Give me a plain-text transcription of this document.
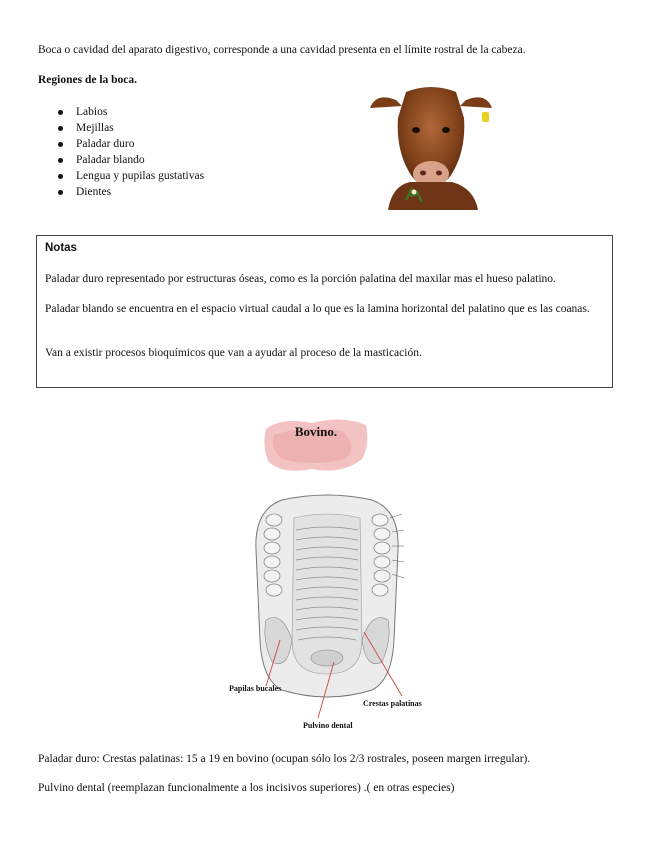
Boca o cavidad del aparato digestivo, corresponde a una cavidad presenta en el límite rostral de la cabeza.
Regiones de la boca.
Labios
Mejillas
Paladar duro
Paladar blando
Lengua y pupilas gustativas
Dientes
Notas
Paladar duro representado por estructuras óseas, como es la porción palatina del maxilar mas el hueso palatino.
Paladar blando se encuentra en el espacio virtual caudal a lo que es la lamina horizontal del palatino que es las coanas.
Van a existir procesos bioquímicos que van a ayudar al proceso de la masticación.
Bovino.
Papilas bucales
Crestas palatinas
Pulvino dental
Paladar duro: Crestas palatinas: 15 a 19 en bovino (ocupan sólo los 2/3 rostrales, poseen margen irregular).
Pulvino dental (reemplazan funcionalmente a los incisivos superiores) .( en otras especies)
